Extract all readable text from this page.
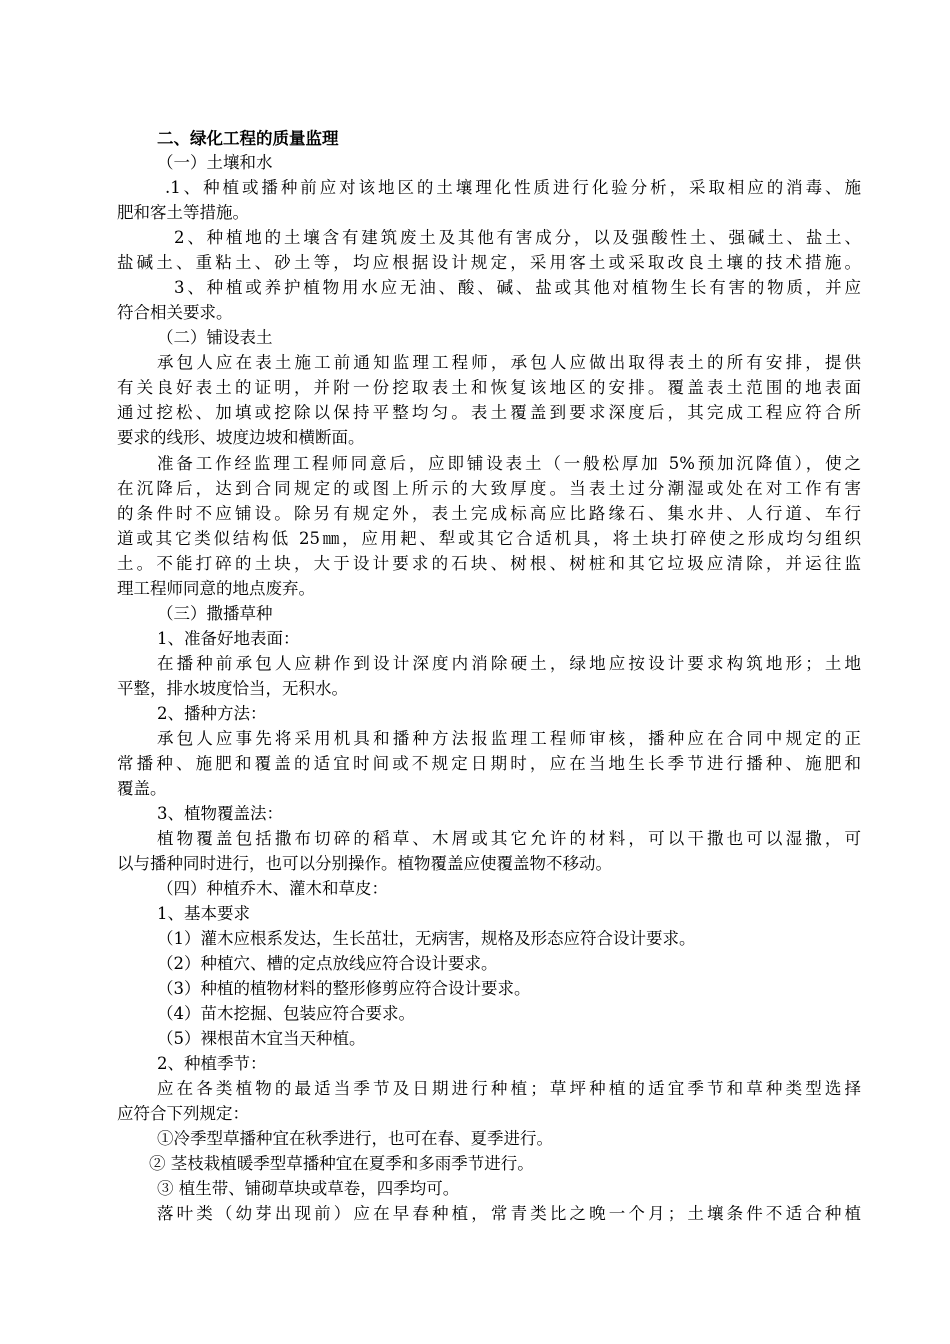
二、绿化工程的质量监理
（一）土壤和水
.1、种植或播种前应对该地区的土壤理化性质进行化验分析，采取相应的消毒、施
肥和客土等措施。
2、种植地的土壤含有建筑废土及其他有害成分，以及强酸性土、强碱土、盐土、
盐碱土、重粘土、砂土等，均应根据设计规定，采用客土或采取改良土壤的技术措施。
3、种植或养护植物用水应无油、酸、碱、盐或其他对植物生长有害的物质，并应
符合相关要求。
（二）铺设表土
承包人应在表土施工前通知监理工程师，承包人应做出取得表土的所有安排，提供
有关良好表土的证明，并附一份挖取表土和恢复该地区的安排。覆盖表土范围的地表面
通过挖松、加填或挖除以保持平整均匀。表土覆盖到要求深度后，其完成工程应符合所
要求的线形、坡度边坡和横断面。
准备工作经监理工程师同意后，应即铺设表土（一般松厚加 5%预加沉降值），使之
在沉降后，达到合同规定的或图上所示的大致厚度。当表土过分潮湿或处在对工作有害
的条件时不应铺设。除另有规定外，表土完成标高应比路缘石、集水井、人行道、车行
道或其它类似结构低 25㎜，应用耙、犁或其它合适机具，将土块打碎使之形成均匀组织
土。不能打碎的土块，大于设计要求的石块、树根、树桩和其它垃圾应清除，并运往监
理工程师同意的地点废弃。
（三）撒播草种
1、准备好地表面：
在播种前承包人应耕作到设计深度内消除硬土，绿地应按设计要求构筑地形；土地
平整，排水坡度恰当，无积水。
2、播种方法：
承包人应事先将采用机具和播种方法报监理工程师审核，播种应在合同中规定的正
常播种、施肥和覆盖的适宜时间或不规定日期时，应在当地生长季节进行播种、施肥和
覆盖。
3、植物覆盖法：
植物覆盖包括撒布切碎的稻草、木屑或其它允许的材料，可以干撒也可以湿撒，可
以与播种同时进行，也可以分别操作。植物覆盖应使覆盖物不移动。
（四）种植乔木、灌木和草皮：
1、基本要求
（1）灌木应根系发达，生长茁壮，无病害，规格及形态应符合设计要求。
（2）种植穴、槽的定点放线应符合设计要求。
（3）种植的植物材料的整形修剪应符合设计要求。
（4）苗木挖掘、包装应符合要求。
（5）裸根苗木宜当天种植。
2、种植季节：
应在各类植物的最适当季节及日期进行种植；草坪种植的适宜季节和草种类型选择
应符合下列规定：
①冷季型草播种宜在秋季进行，也可在春、夏季进行。
② 茎枝栽植暖季型草播种宜在夏季和多雨季节进行。
③ 植生带、铺砌草块或草卷，四季均可。
落叶类（幼芽出现前）应在早春种植，常青类比之晚一个月；土壤条件不适合种植
